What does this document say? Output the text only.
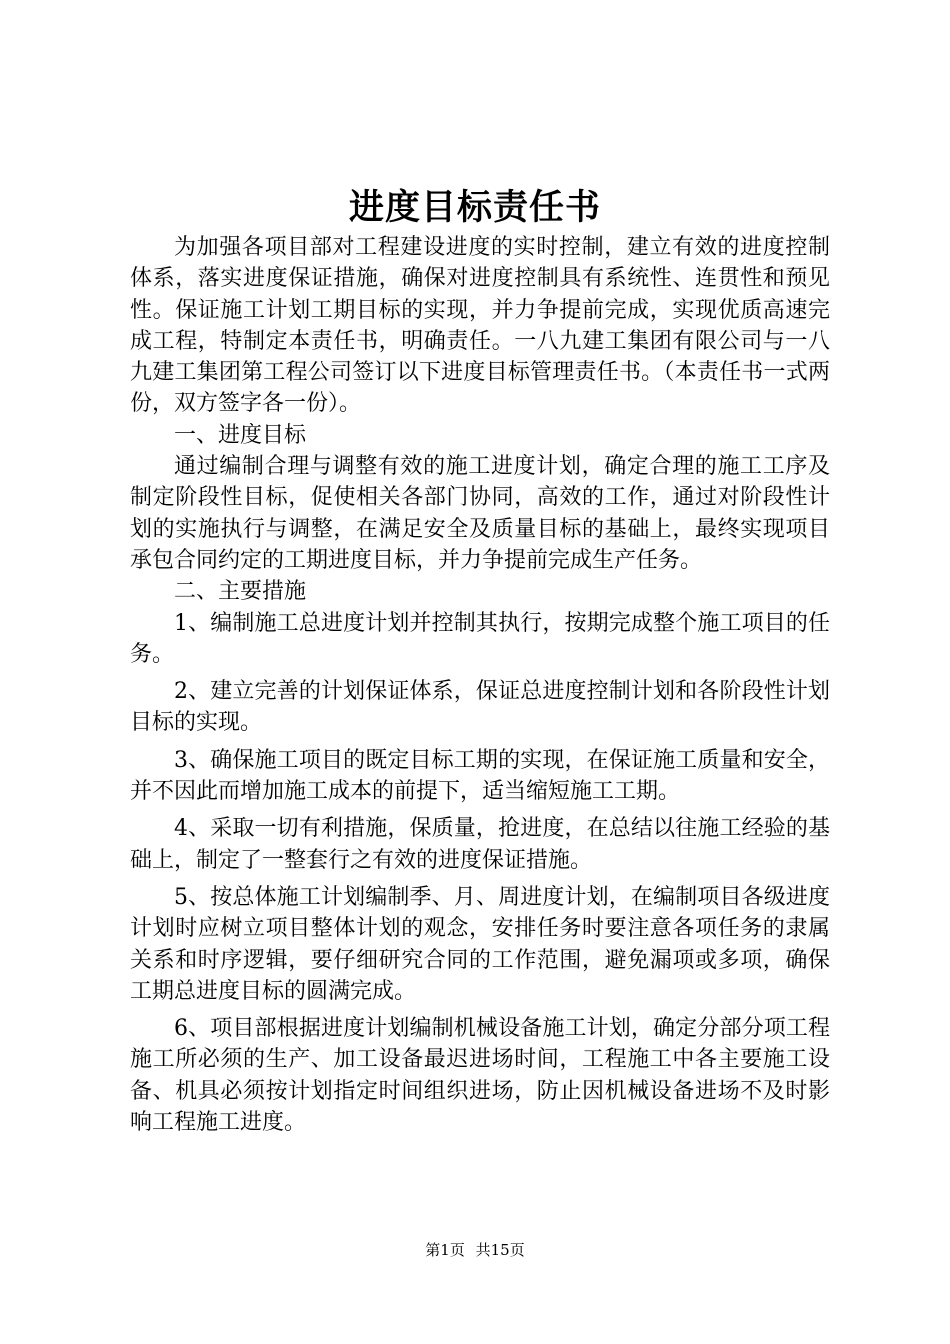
进度目标责任书

为加强各项目部对工程建设进度的实时控制，建立有效的进度控制体系，落实进度保证措施，确保对进度控制具有系统性、连贯性和预见性。保证施工计划工期目标的实现，并力争提前完成，实现优质高速完成工程，特制定本责任书，明确责任。一八九建工集团有限公司与一八九建工集团第工程公司签订以下进度目标管理责任书。（本责任书一式两份，双方签字各一份）。

一、进度目标

通过编制合理与调整有效的施工进度计划，确定合理的施工工序及制定阶段性目标，促使相关各部门协同，高效的工作，通过对阶段性计划的实施执行与调整，在满足安全及质量目标的基础上，最终实现项目承包合同约定的工期进度目标，并力争提前完成生产任务。

二、主要措施

1、编制施工总进度计划并控制其执行，按期完成整个施工项目的任务。

2、建立完善的计划保证体系，保证总进度控制计划和各阶段性计划目标的实现。

3、确保施工项目的既定目标工期的实现，在保证施工质量和安全，并不因此而增加施工成本的前提下，适当缩短施工工期。

4、采取一切有利措施，保质量，抢进度，在总结以往施工经验的基础上，制定了一整套行之有效的进度保证措施。

5、按总体施工计划编制季、月、周进度计划，在编制项目各级进度计划时应树立项目整体计划的观念，安排任务时要注意各项任务的隶属关系和时序逻辑，要仔细研究合同的工作范围，避免漏项或多项，确保工期总进度目标的圆满完成。

6、项目部根据进度计划编制机械设备施工计划，确定分部分项工程施工所必须的生产、加工设备最迟进场时间，工程施工中各主要施工设备、机具必须按计划指定时间组织进场，防止因机械设备进场不及时影响工程施工进度。

第1页 共15页
